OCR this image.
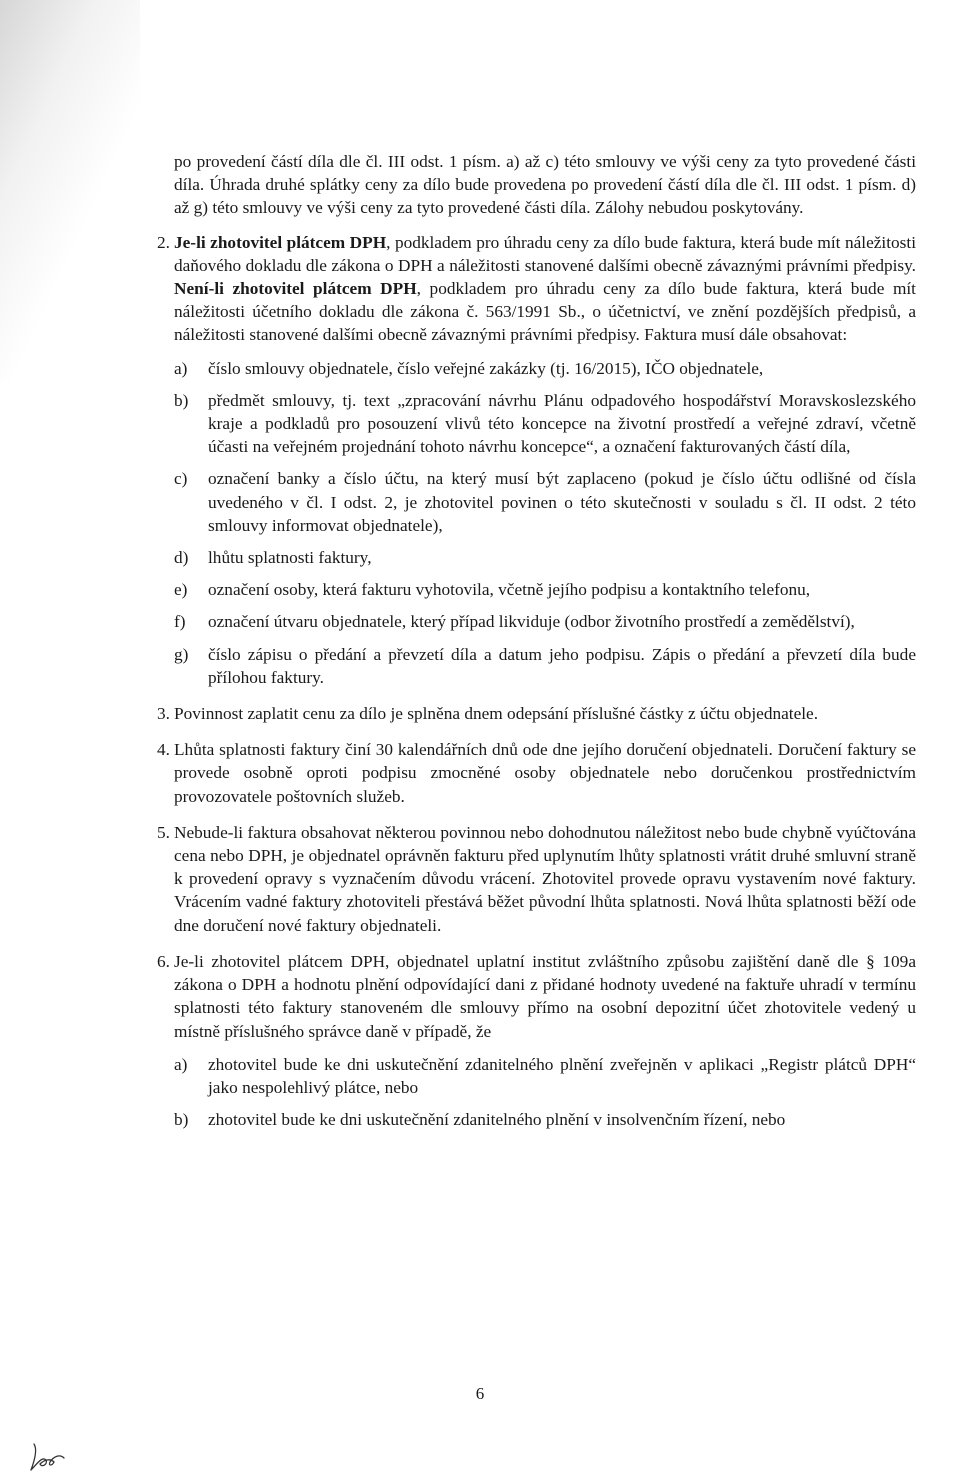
po provedení částí díla dle čl. III odst. 1 písm. a) až c) této smlouvy ve výši ceny za tyto provedené části díla. Úhrada druhé splátky ceny za dílo bude provedena po provedení částí díla dle čl. III odst. 1 písm. d) až g) této smlouvy ve výši ceny za tyto provedené části díla. Zálohy nebudou poskytovány.

2. Je-li zhotovitel plátcem DPH, podkladem pro úhradu ceny za dílo bude faktura, která bude mít náležitosti daňového dokladu dle zákona o DPH a náležitosti stanovené dalšími obecně závaznými právními předpisy. Není-li zhotovitel plátcem DPH, podkladem pro úhradu ceny za dílo bude faktura, která bude mít náležitosti účetního dokladu dle zákona č. 563/1991 Sb., o účetnictví, ve znění pozdějších předpisů, a náležitosti stanovené dalšími obecně závaznými právními předpisy. Faktura musí dále obsahovat:

a)	číslo smlouvy objednatele, číslo veřejné zakázky (tj. 16/2015), IČO objednatele,
b)	předmět smlouvy, tj. text „zpracování návrhu Plánu odpadového hospodářství Moravskoslezského kraje a podkladů pro posouzení vlivů této koncepce na životní prostředí a veřejné zdraví, včetně účasti na veřejném projednání tohoto návrhu koncepce“, a označení fakturovaných částí díla,
c)	označení banky a číslo účtu, na který musí být zaplaceno (pokud je číslo účtu odlišné od čísla uvedeného v čl. I odst. 2, je zhotovitel povinen o této skutečnosti v souladu s čl. II odst. 2 této smlouvy informovat objednatele),
d)	lhůtu splatnosti faktury,
e)	označení osoby, která fakturu vyhotovila, včetně jejího podpisu a kontaktního telefonu,
f)	označení útvaru objednatele, který případ likviduje (odbor životního prostředí a zemědělství),
g)	číslo zápisu o předání a převzetí díla a datum jeho podpisu. Zápis o předání a převzetí díla bude přílohou faktury.
3. Povinnost zaplatit cenu za dílo je splněna dnem odepsání příslušné částky z účtu objednatele.

4. Lhůta splatnosti faktury činí 30 kalendářních dnů ode dne jejího doručení objednateli. Doručení faktury se provede osobně oproti podpisu zmocněné osoby objednatele nebo doručenkou prostřednictvím provozovatele poštovních služeb.

5. Nebude-li faktura obsahovat některou povinnou nebo dohodnutou náležitost nebo bude chybně vyúčtována cena nebo DPH, je objednatel oprávněn fakturu před uplynutím lhůty splatnosti vrátit druhé smluvní straně k provedení opravy s vyznačením důvodu vrácení. Zhotovitel provede opravu vystavením nové faktury. Vrácením vadné faktury zhotoviteli přestává běžet původní lhůta splatnosti. Nová lhůta splatnosti běží ode dne doručení nové faktury objednateli.

6. Je-li zhotovitel plátcem DPH, objednatel uplatní institut zvláštního způsobu zajištění daně dle § 109a zákona o DPH a hodnotu plnění odpovídající dani z přidané hodnoty uvedené na faktuře uhradí v termínu splatnosti této faktury stanoveném dle smlouvy přímo na osobní depozitní účet zhotovitele vedený u místně příslušného správce daně v případě, že

a)	zhotovitel bude ke dni uskutečnění zdanitelného plnění zveřejněn v aplikaci „Registr plátců DPH“ jako nespolehlivý plátce, nebo
b)	zhotovitel bude ke dni uskutečnění zdanitelného plnění v insolvenčním řízení, nebo
6
